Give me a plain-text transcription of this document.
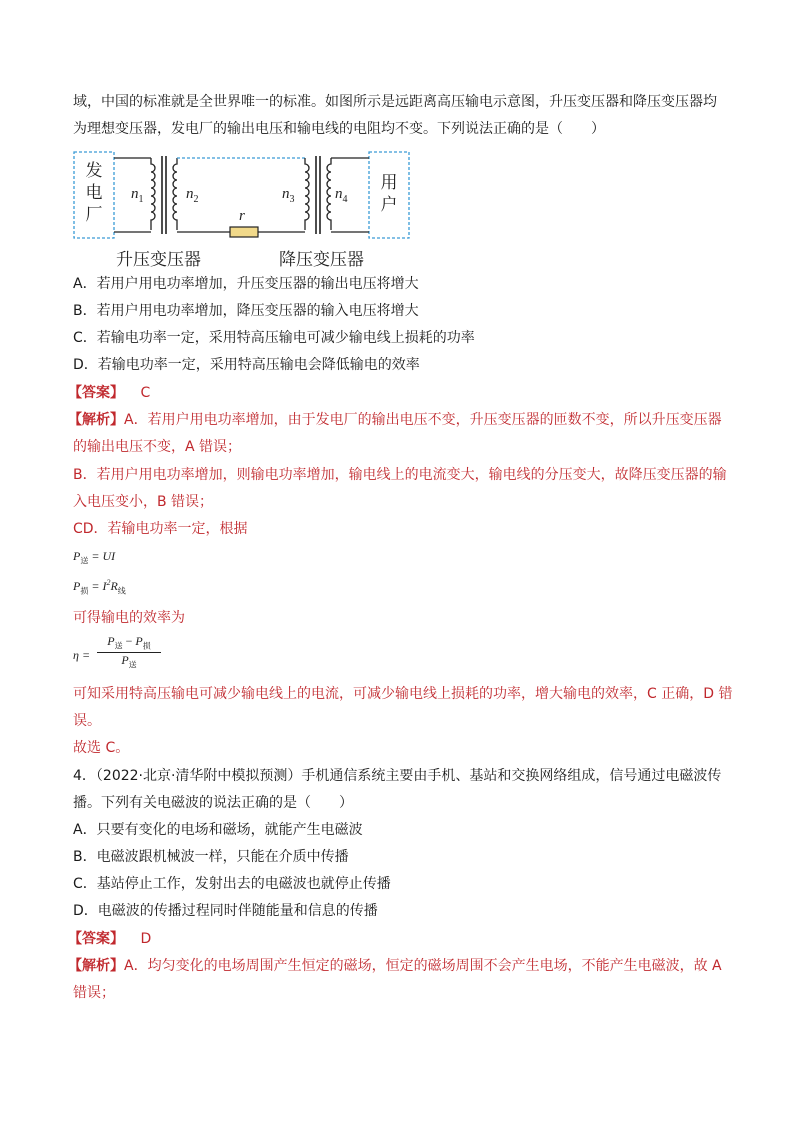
域，中国的标准就是全世界唯一的标准。如图所示是远距离高压输电示意图，升压变压器和降压变压器均
为理想变压器，发电厂的输出电压和输电线的电阻均不变。下列说法正确的是（　　）
发
电
厂
用
户
$n_1$	$n_2$	$n_3$	$n_4$
r
升压变压器	降压变压器
A．若用户用电功率增加，升压变压器的输出电压将增大
B．若用户用电功率增加，降压变压器的输入电压将增大
C．若输电功率一定，采用特高压输电可减少输电线上损耗的功率
D．若输电功率一定，采用特高压输电会降低输电的效率
【答案】 C
【解析】A．若用户用电功率增加，由于发电厂的输出电压不变，升压变压器的匝数不变，所以升压变压器
的输出电压不变，A 错误；
B．若用户用电功率增加，则输电功率增加，输电线上的电流变大，输电线的分压变大，故降压变压器的输
入电压变小，B 错误；
CD．若输电功率一定，根据
$P_送$ = UI
$P_损 = I^2R_线$
可得输电的效率为
η =
$P_送 - P_损$
$P_送$
可知采用特高压输电可减少输电线上的电流，可减少输电线上损耗的功率，增大输电的效率，C 正确，D 错
误。
故选 C。
4．（2022·北京·清华附中模拟预测）手机通信系统主要由手机、基站和交换网络组成，信号通过电磁波传
播。下列有关电磁波的说法正确的是（　　）
A．只要有变化的电场和磁场，就能产生电磁波
B．电磁波跟机械波一样，只能在介质中传播
C．基站停止工作，发射出去的电磁波也就停止传播
D．电磁波的传播过程同时伴随能量和信息的传播
【答案】 D
【解析】A．均匀变化的电场周围产生恒定的磁场，恒定的磁场周围不会产生电场，不能产生电磁波，故 A
错误；
